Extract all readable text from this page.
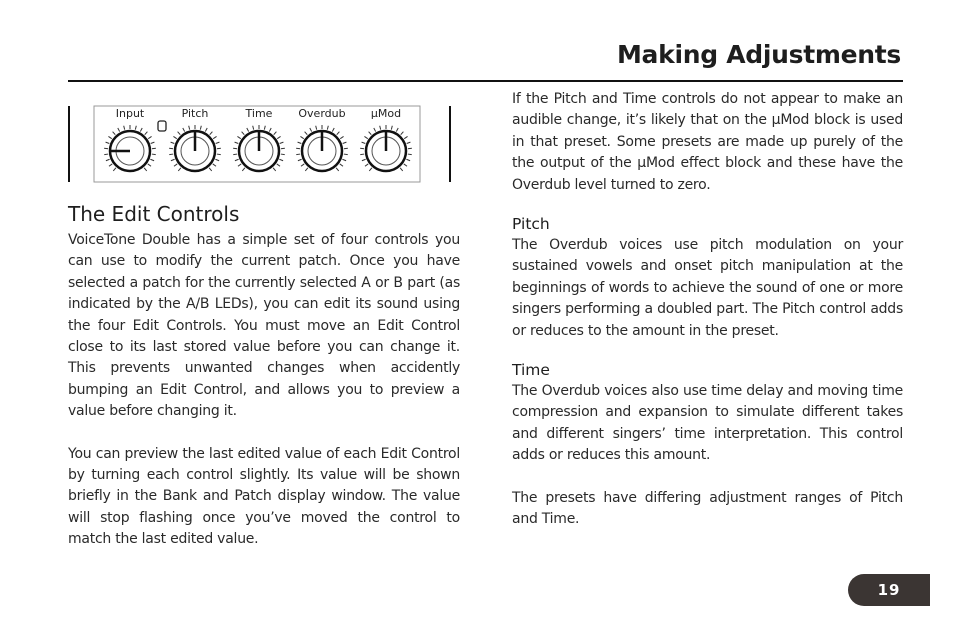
Making Adjustments
Input	Pitch	Time Overdub µMod
The Edit Controls

VoiceTone Double has a simple set of four controls you can use to modify the current patch. Once you have selected a patch for the currently selected A or B part (as indicated by the A/B LEDs), you can edit its sound using the four Edit Controls. You must move an Edit Control close to its last stored value before you can change it. This prevents unwanted changes when accidently bumping an Edit Control, and allows you to preview a value before changing it.

You can preview the last edited value of each Edit Control by turning each control slightly. Its value will be shown briefly in the Bank and Patch display window. The value will stop flashing once you’ve moved the control to match the last edited value.

If the Pitch and Time controls do not appear to make an audible change, it’s likely that on the µMod block is used in that preset. Some presets are made up purely of the the output of the µMod effect block and these have the Overdub level turned to zero.

Pitch

The Overdub voices use pitch modulation on your sustained vowels and onset pitch manipulation at the beginnings of words to achieve the sound of one or more singers performing a doubled part. The Pitch control adds or reduces to the amount in the preset.

Time

The Overdub voices also use time delay and moving time compression and expansion to simulate different takes and different singers’ time interpretation. This control adds or reduces this amount.

The presets have differing adjustment ranges of Pitch and Time.

19
